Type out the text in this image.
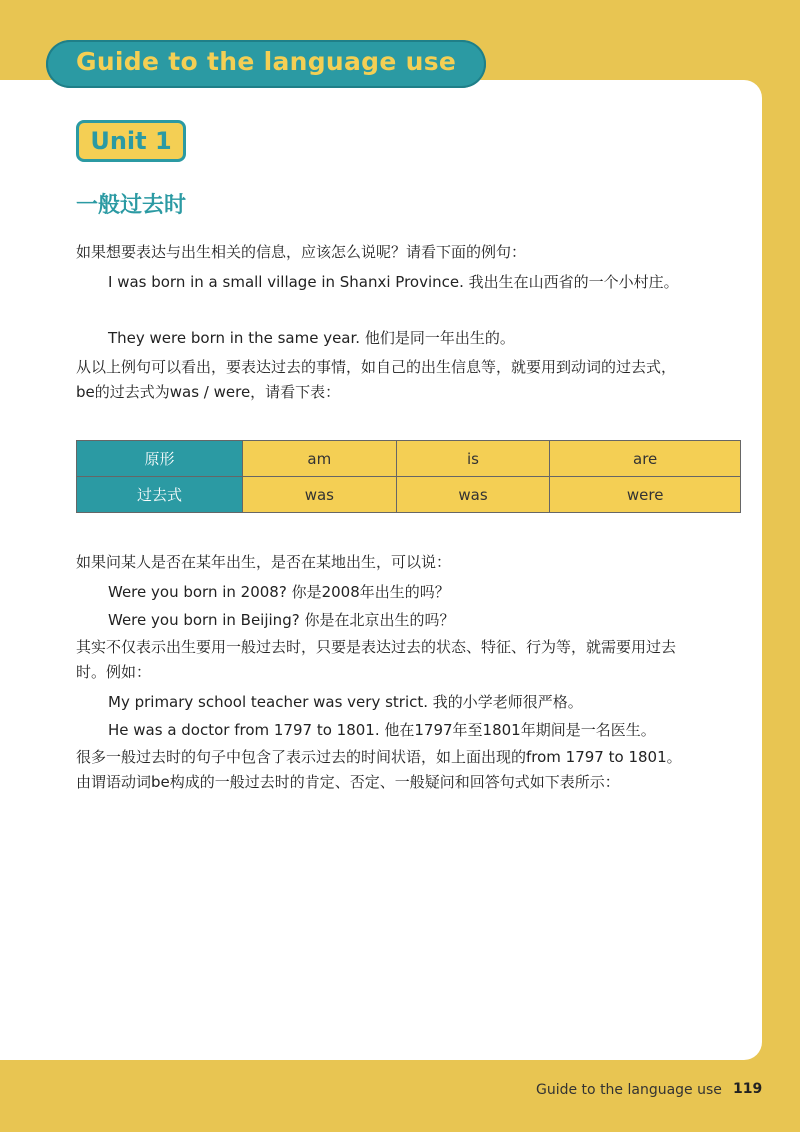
Guide to the language use
Unit 1
一般过去时
如果想要表达与出生相关的信息，应该怎么说呢？请看下面的例句：
I was born in a small village in Shanxi Province. 我出生在山西省的一个小村庄。
They were born in the same year. 他们是同一年出生的。
从以上例句可以看出，要表达过去的事情，如自己的出生信息等，就要用到动词的过去式，be的过去式为was / were，请看下表：
原形	am	is	are
过去式	was	was	were
如果问某人是否在某年出生，是否在某地出生，可以说：
Were you born in 2008? 你是2008年出生的吗？
Were you born in Beijing? 你是在北京出生的吗？
其实不仅表示出生要用一般过去时，只要是表达过去的状态、特征、行为等，就需要用过去时。例如：
My primary school teacher was very strict. 我的小学老师很严格。
He was a doctor from 1797 to 1801. 他在1797年至1801年期间是一名医生。
很多一般过去时的句子中包含了表示过去的时间状语，如上面出现的from 1797 to 1801。由谓语动词be构成的一般过去时的肯定、否定、一般疑问和回答句式如下表所示：
Guide to the language use 119
